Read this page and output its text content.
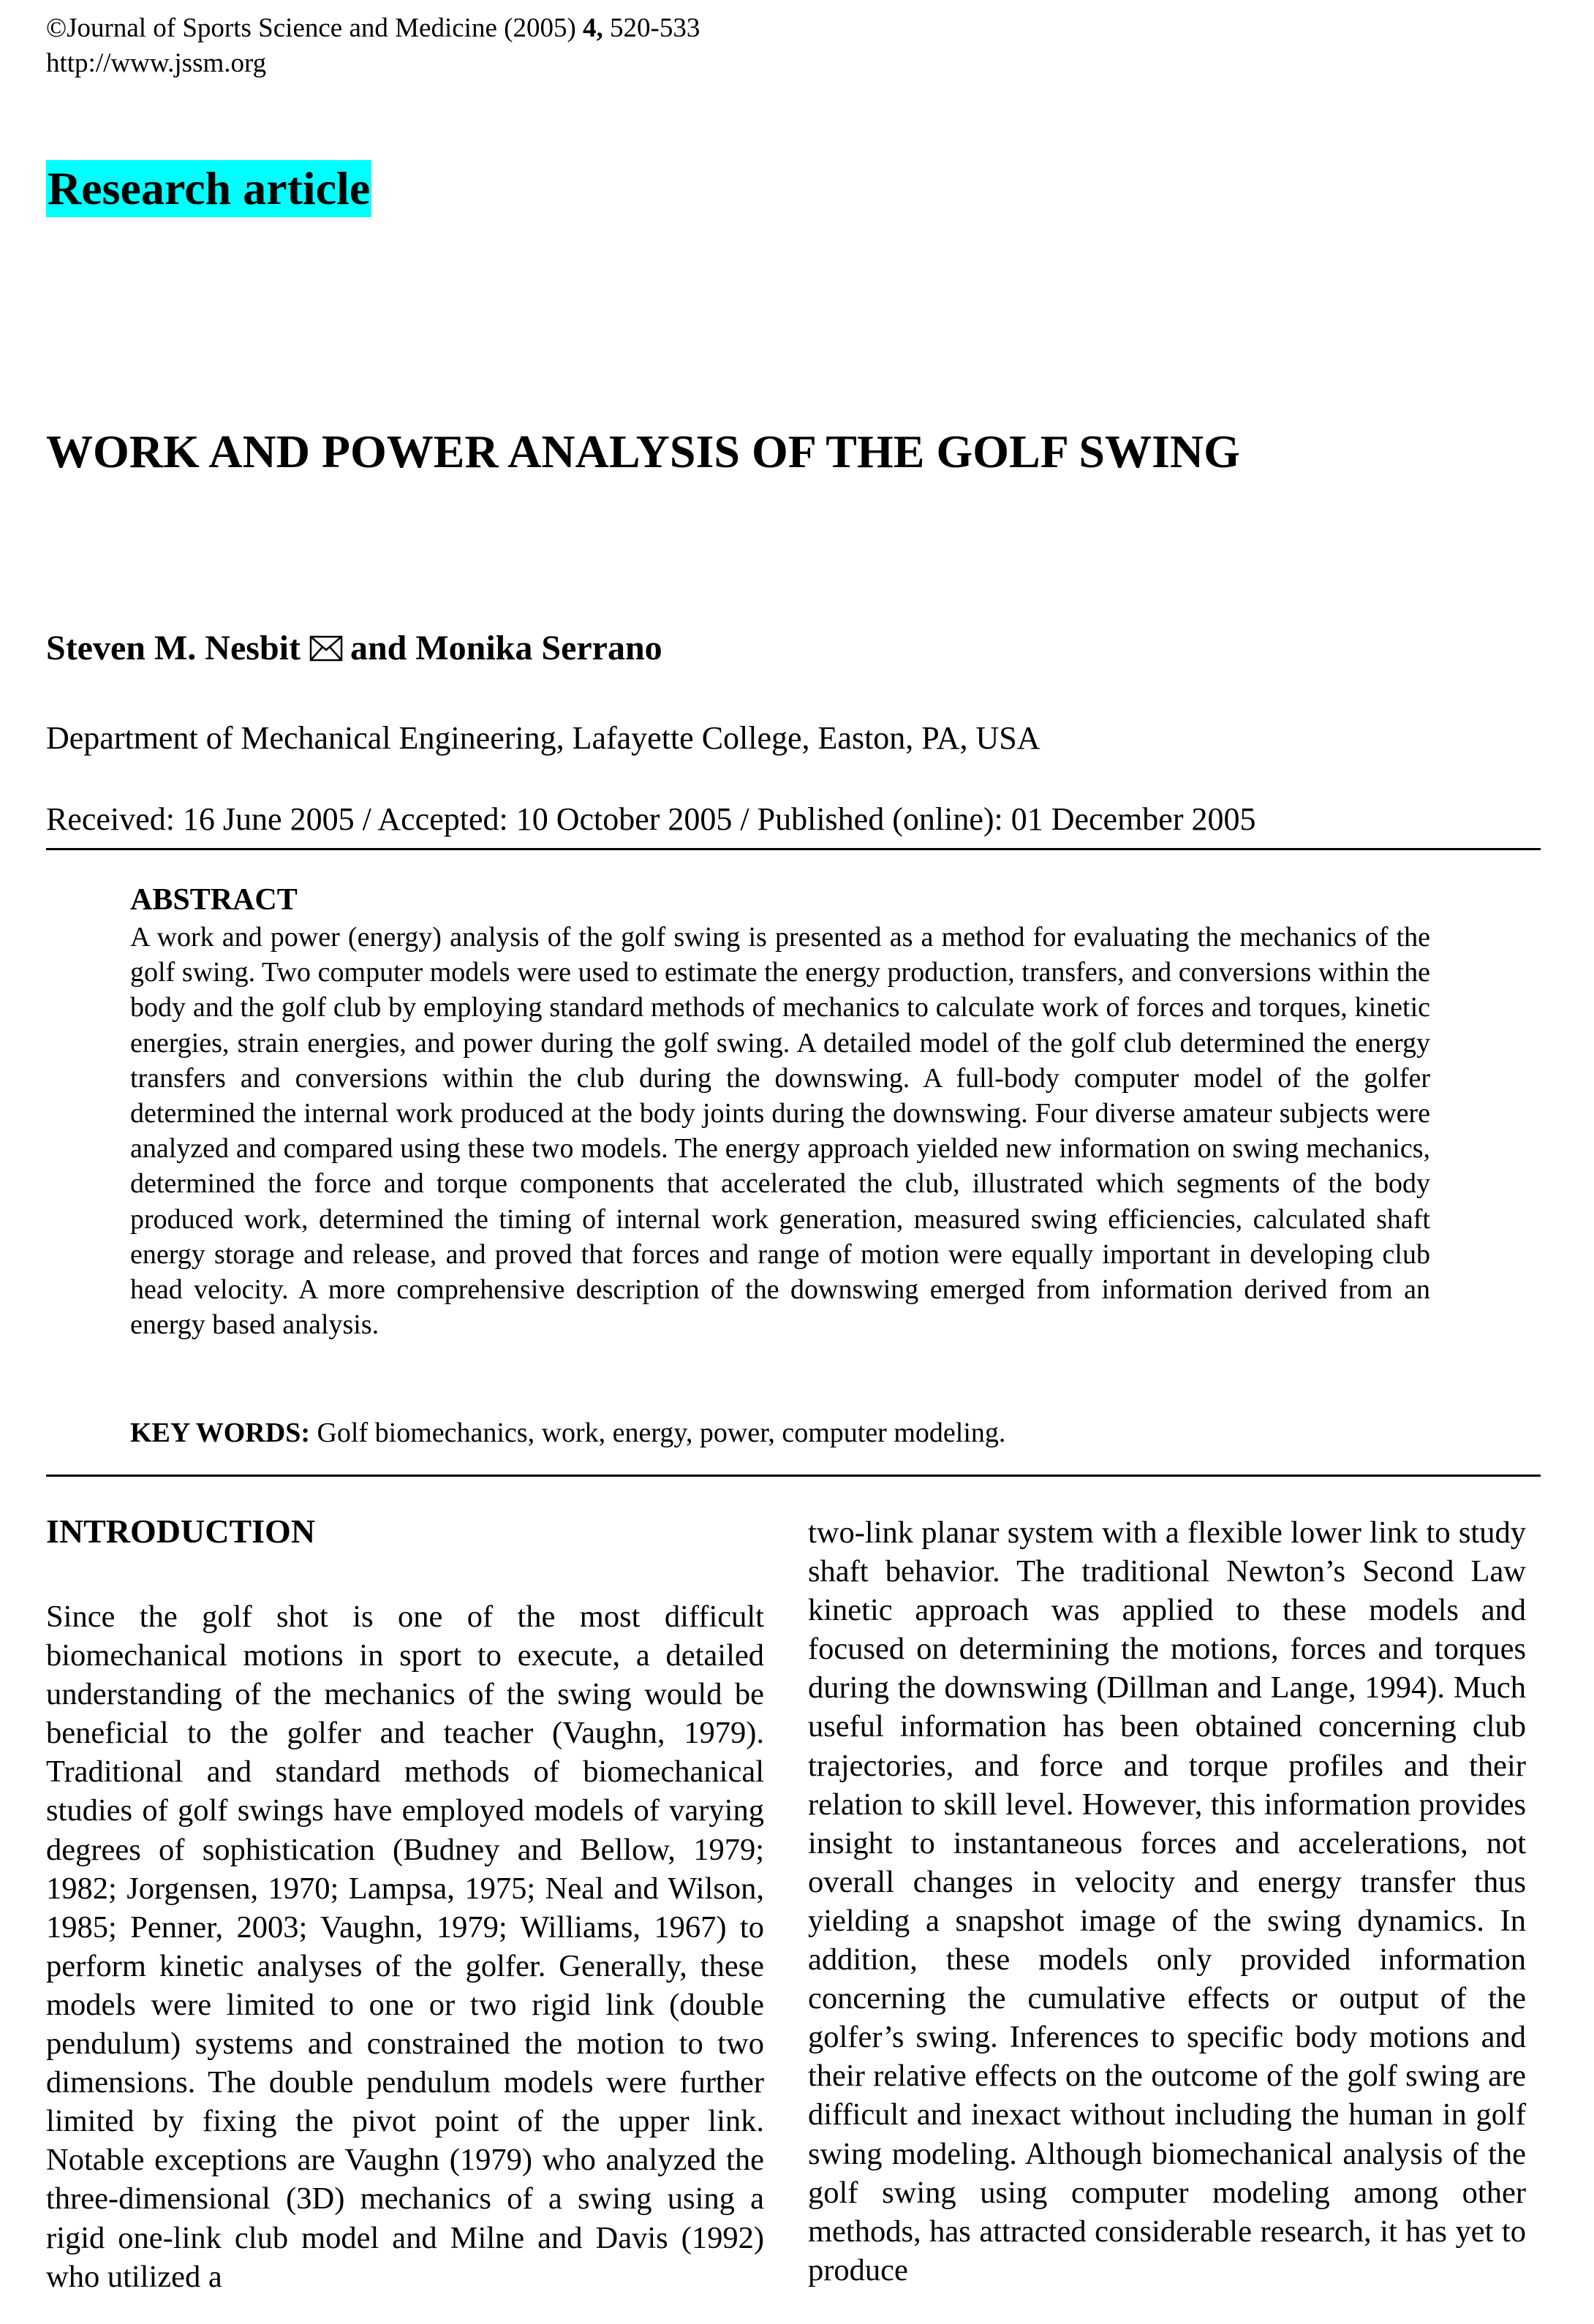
©Journal of Sports Science and Medicine (2005) 4, 520-533
http://www.jssm.org
Research article
WORK AND POWER ANALYSIS OF THE GOLF SWING
Steven M. Nesbit and Monika Serrano
Department of Mechanical Engineering, Lafayette College, Easton, PA, USA
Received: 16 June 2005 / Accepted: 10 October 2005 / Published (online): 01 December 2005
ABSTRACT
A work and power (energy) analysis of the golf swing is presented as a method for evaluating the mechanics of the golf swing. Two computer models were used to estimate the energy production, transfers, and conversions within the body and the golf club by employing standard methods of mechanics to calculate work of forces and torques, kinetic energies, strain energies, and power during the golf swing. A detailed model of the golf club determined the energy transfers and conversions within the club during the downswing. A full-body computer model of the golfer determined the internal work produced at the body joints during the downswing. Four diverse amateur subjects were analyzed and compared using these two models. The energy approach yielded new information on swing mechanics, determined the force and torque components that accelerated the club, illustrated which segments of the body produced work, determined the timing of internal work generation, measured swing efficiencies, calculated shaft energy storage and release, and proved that forces and range of motion were equally important in developing club head velocity. A more comprehensive description of the downswing emerged from information derived from an energy based analysis.
KEY WORDS: Golf biomechanics, work, energy, power, computer modeling.
INTRODUCTION
Since the golf shot is one of the most difficult biomechanical motions in sport to execute, a detailed understanding of the mechanics of the swing would be beneficial to the golfer and teacher (Vaughn, 1979). Traditional and standard methods of biomechanical studies of golf swings have employed models of varying degrees of sophistication (Budney and Bellow, 1979; 1982; Jorgensen, 1970; Lampsa, 1975; Neal and Wilson, 1985; Penner, 2003; Vaughn, 1979; Williams, 1967) to perform kinetic analyses of the golfer. Generally, these models were limited to one or two rigid link (double pendulum) systems and constrained the motion to two dimensions. The double pendulum models were further limited by fixing the pivot point of the upper link. Notable exceptions are Vaughn (1979) who analyzed the three-dimensional (3D) mechanics of a swing using a rigid one-link club model and Milne and Davis (1992) who utilized a
two-link planar system with a flexible lower link to study shaft behavior. The traditional Newton’s Second Law kinetic approach was applied to these models and focused on determining the motions, forces and torques during the downswing (Dillman and Lange, 1994). Much useful information has been obtained concerning club trajectories, and force and torque profiles and their relation to skill level. However, this information provides insight to instantaneous forces and accelerations, not overall changes in velocity and energy transfer thus yielding a snapshot image of the swing dynamics. In addition, these models only provided information concerning the cumulative effects or output of the golfer’s swing. Inferences to specific body motions and their relative effects on the outcome of the golf swing are difficult and inexact without including the human in golf swing modeling. Although biomechanical analysis of the golf swing using computer modeling among other methods, has attracted considerable research, it has yet to produce
